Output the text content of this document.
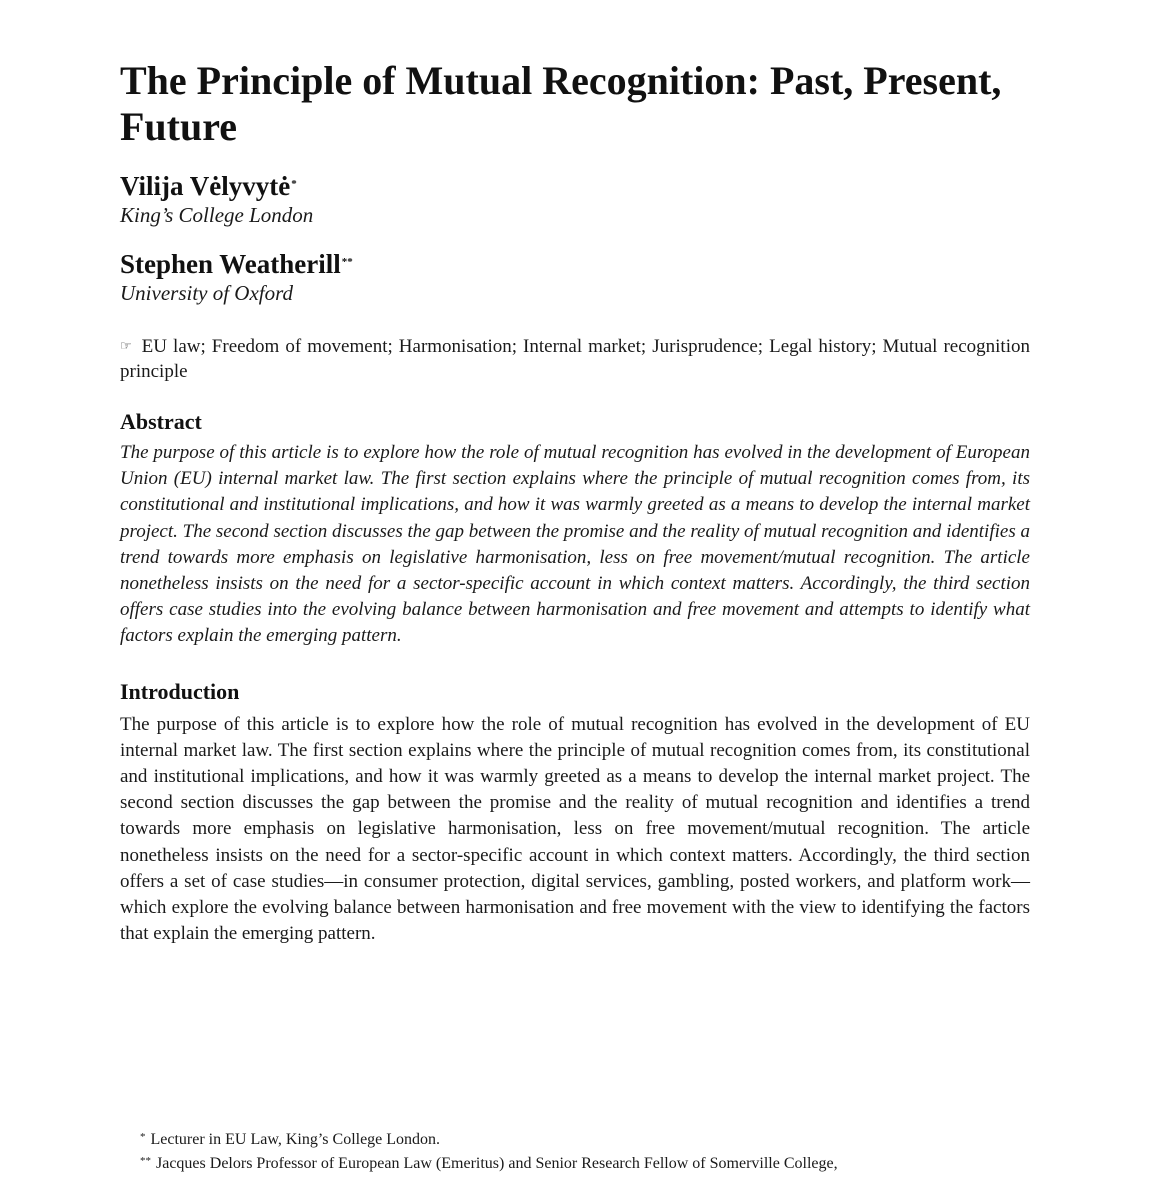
The Principle of Mutual Recognition: Past, Present, Future

Vilija Vėlyvytė*

King’s College London

Stephen Weatherill**

University of Oxford

☞ EU law; Freedom of movement; Harmonisation; Internal market; Jurisprudence; Legal history; Mutual recognition principle
Abstract

The purpose of this article is to explore how the role of mutual recognition has evolved in the development of European Union (EU) internal market law. The first section explains where the principle of mutual recognition comes from, its constitutional and institutional implications, and how it was warmly greeted as a means to develop the internal market project. The second section discusses the gap between the promise and the reality of mutual recognition and identifies a trend towards more emphasis on legislative harmonisation, less on free movement/mutual recognition. The article nonetheless insists on the need for a sector-specific account in which context matters. Accordingly, the third section offers case studies into the evolving balance between harmonisation and free movement and attempts to identify what factors explain the emerging pattern.

Introduction

The purpose of this article is to explore how the role of mutual recognition has evolved in the development of EU internal market law. The first section explains where the principle of mutual recognition comes from, its constitutional and institutional implications, and how it was warmly greeted as a means to develop the internal market project. The second section discusses the gap between the promise and the reality of mutual recognition and identifies a trend towards more emphasis on legislative harmonisation, less on free movement/mutual recognition. The article nonetheless insists on the need for a sector-specific account in which context matters. Accordingly, the third section offers a set of case studies—in consumer protection, digital services, gambling, posted workers, and platform work—which explore the evolving balance between harmonisation and free movement with the view to identifying the factors that explain the emerging pattern.

* Lecturer in EU Law, King’s College London.
** Jacques Delors Professor of European Law (Emeritus) and Senior Research Fellow of Somerville College,
